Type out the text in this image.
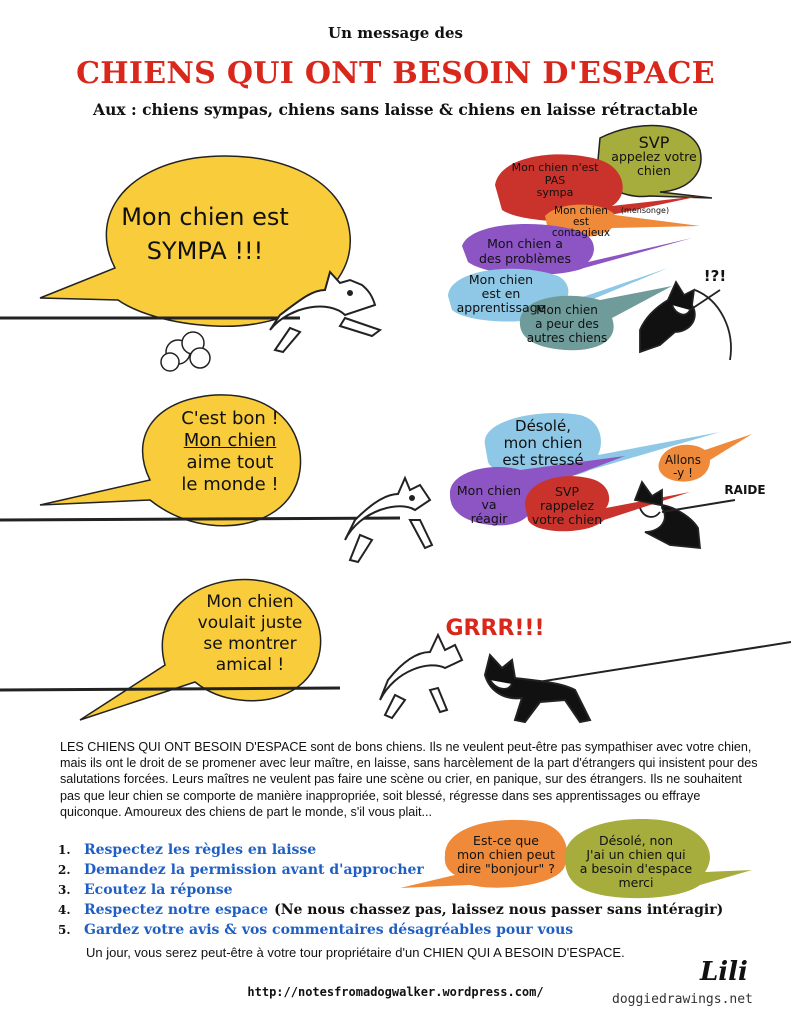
Un message des
CHIENS QUI ONT BESOIN D'ESPACE
Aux : chiens sympas, chiens sans laisse & chiens en laisse rétractable
Mon chien est
SYMPA !!!
SVP
appelez votre
chien
Mon chien n'est
PAS
sympa
Mon chien
est
contagieux
(mensonge)
Mon chien a
des problèmes
Mon chien
est en
apprentissage
Mon chien
a peur des
autres chiens
!?!
C'est bon !
Mon chien
aime tout
le monde !
Désolé,
mon chien
est stressé
Mon chien
va
réagir
SVP
rappelez
votre chien
Allons
-y !
RAIDE
Mon chien
voulait juste
se montrer
amical !
GRRR!!!
LES CHIENS QUI ONT BESOIN D'ESPACE sont de bons chiens. Ils ne veulent peut-être pas sympathiser avec votre chien, mais ils ont le droit de se promener avec leur maître, en laisse, sans harcèlement de la part d'étrangers qui insistent pour des salutations forcées. Leurs maîtres ne veulent pas faire une scène ou crier, en panique, sur des étrangers. Ils ne souhaitent pas que leur chien se comporte de manière inappropriée, soit blessé, régresse dans ses apprentissages ou effraye quiconque. Amoureux des chiens de part le monde, s'il vous plait...
1. Respectez les règles en laisse
2. Demandez la permission avant d'approcher
3. Ecoutez la réponse
4. Respectez notre espace (Ne nous chassez pas, laissez nous passer sans intéragir)
5. Gardez votre avis & vos commentaires désagréables pour vous
Est-ce que
mon chien peut
dire "bonjour" ?
Désolé, non
J'ai un chien qui
a besoin d'espace
merci
Un jour, vous serez peut-être à votre tour propriétaire d'un CHIEN QUI A BESOIN D'ESPACE.
Lili
http://notesfromadogwalker.wordpress.com/	doggiedrawings.net
